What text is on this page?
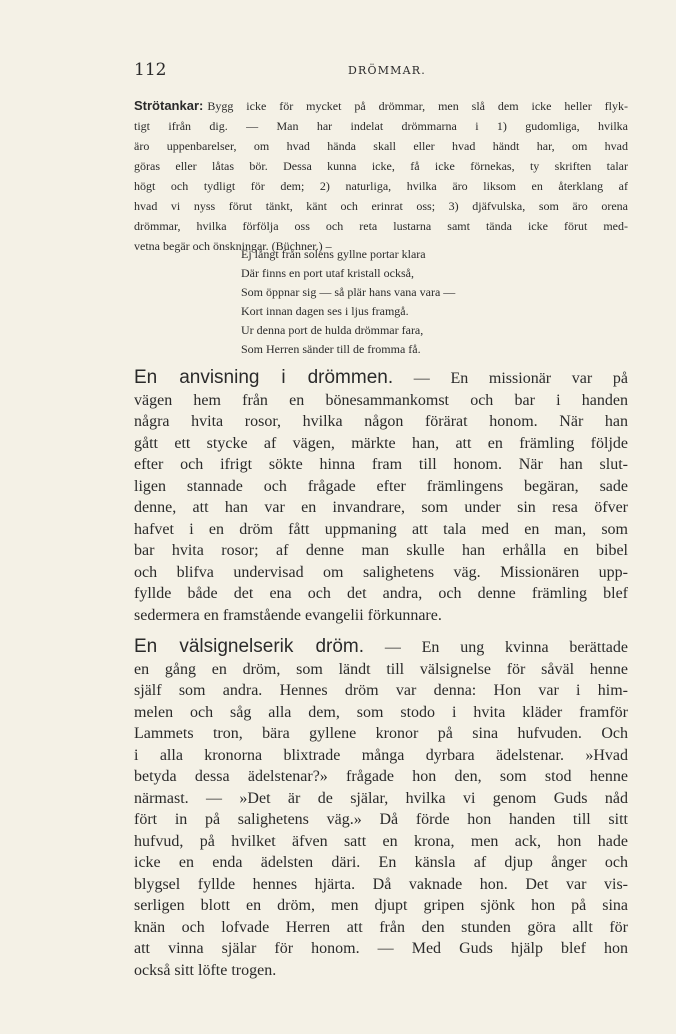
112	DRÖMMAR.
Strötankar: Bygg icke för mycket på drömmar, men slå dem icke heller flyk-
tigt ifrån dig. — Man har indelat drömmarna i 1) gudomliga, hvilka
äro uppenbarelser, om hvad hända skall eller hvad händt har, om hvad
göras eller låtas bör. Dessa kunna icke, få icke förnekas, ty skriften talar
högt och tydligt för dem; 2) naturliga, hvilka äro liksom en återklang af
hvad vi nyss förut tänkt, känt och erinrat oss; 3) djäfvulska, som äro orena
drömmar, hvilka förfölja oss och reta lustarna samt tända icke förut med-
vetna begär och önskningar. (Büchner.) –
Ej långt från solens gyllne portar klara
Där finns en port utaf kristall också,
Som öppnar sig — så plär hans vana vara —
Kort innan dagen ses i ljus framgå.
Ur denna port de hulda drömmar fara,
Som Herren sänder till de fromma få.
En anvisning i drömmen. — En missionär var på
vägen hem från en bönesammankomst och bar i handen
några hvita rosor, hvilka någon förärat honom. När han
gått ett stycke af vägen, märkte han, att en främling följde
efter och ifrigt sökte hinna fram till honom. När han slut-
ligen stannade och frågade efter främlingens begäran, sade
denne, att han var en invandrare, som under sin resa öfver
hafvet i en dröm fått uppmaning att tala med en man, som
bar hvita rosor; af denne man skulle han erhålla en bibel
och blifva undervisad om salighetens väg. Missionären upp-
fyllde både det ena och det andra, och denne främling blef
sedermera en framstående evangelii förkunnare.
En välsignelserik dröm. — En ung kvinna berättade
en gång en dröm, som ländt till välsignelse för såväl henne
själf som andra. Hennes dröm var denna: Hon var i him-
melen och såg alla dem, som stodo i hvita kläder framför
Lammets tron, bära gyllene kronor på sina hufvuden. Och
i alla kronorna blixtrade många dyrbara ädelstenar. »Hvad
betyda dessa ädelstenar?» frågade hon den, som stod henne
närmast. — »Det är de själar, hvilka vi genom Guds nåd
fört in på salighetens väg.» Då förde hon handen till sitt
hufvud, på hvilket äfven satt en krona, men ack, hon hade
icke en enda ädelsten däri. En känsla af djup ånger och
blygsel fyllde hennes hjärta. Då vaknade hon. Det var vis-
serligen blott en dröm, men djupt gripen sjönk hon på sina
knän och lofvade Herren att från den stunden göra allt för
att vinna själar för honom. — Med Guds hjälp blef hon
också sitt löfte trogen.
